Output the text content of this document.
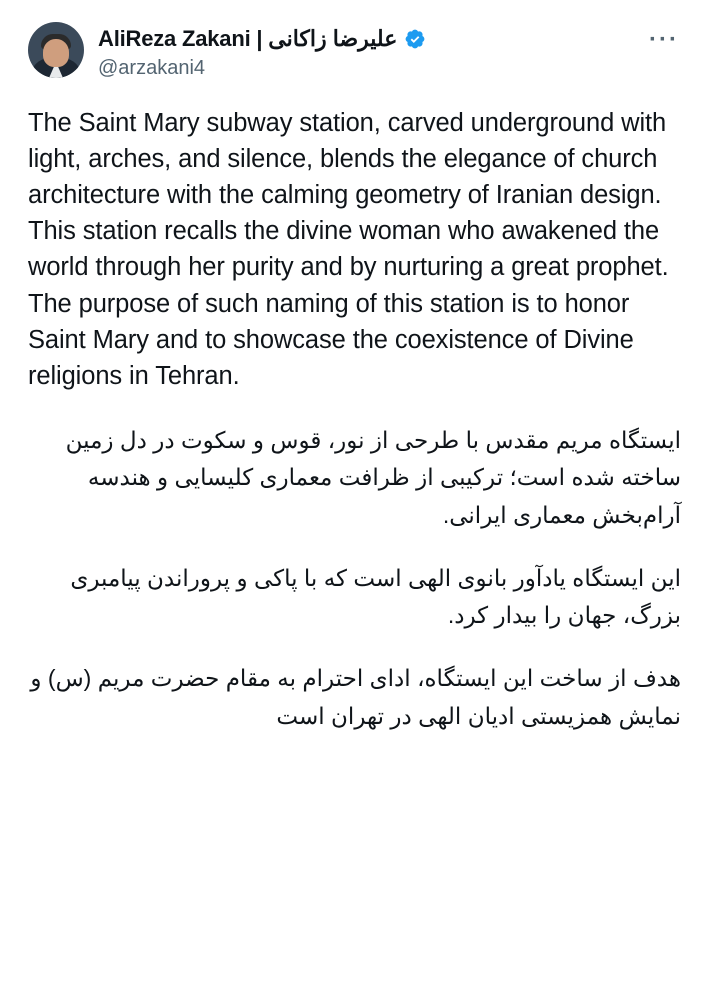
AliReza Zakani | علیرضا زاکانی
@arzakani4
···

The Saint Mary subway station, carved underground with light, arches, and silence, blends the elegance of church architecture with the calming geometry of Iranian design. This station recalls the divine woman who awakened the world through her purity and by nurturing a great prophet. The purpose of such naming of this station is to honor Saint Mary and to showcase the coexistence of Divine religions in Tehran.

ایستگاه مریم مقدس با طرحی از نور، قوس و سکوت در دل زمین ساخته شده است؛ ترکیبی از ظرافت معماری کلیسایی و هندسه آرام‌بخش معماری ایرانی.

این ایستگاه یادآور بانوی الهی است که با پاکی و پروراندن پیامبری بزرگ، جهان را بیدار کرد.

هدف از ساخت این ایستگاه، ادای احترام به مقام حضرت مریم (س) و نمایش همزیستی ادیان الهی در تهران است
